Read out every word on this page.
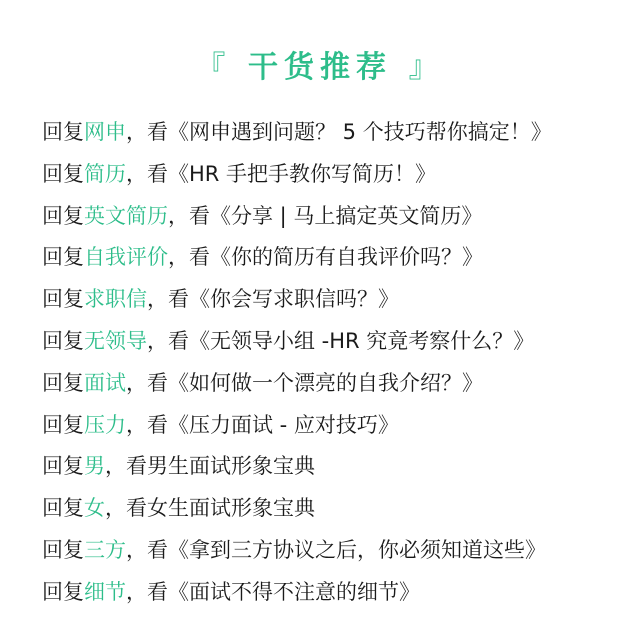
『 干货推荐 』
回复网申，看《网申遇到问题？ 5 个技巧帮你搞定！》
回复简历，看《HR 手把手教你写简历！》
回复英文简历，看《分享 | 马上搞定英文简历》
回复自我评价，看《你的简历有自我评价吗？》
回复求职信，看《你会写求职信吗？》
回复无领导，看《无领导小组 -HR 究竟考察什么？》
回复面试，看《如何做一个漂亮的自我介绍？》
回复压力，看《压力面试 - 应对技巧》
回复男，看男生面试形象宝典
回复女，看女生面试形象宝典
回复三方，看《拿到三方协议之后，你必须知道这些》
回复细节，看《面试不得不注意的细节》
